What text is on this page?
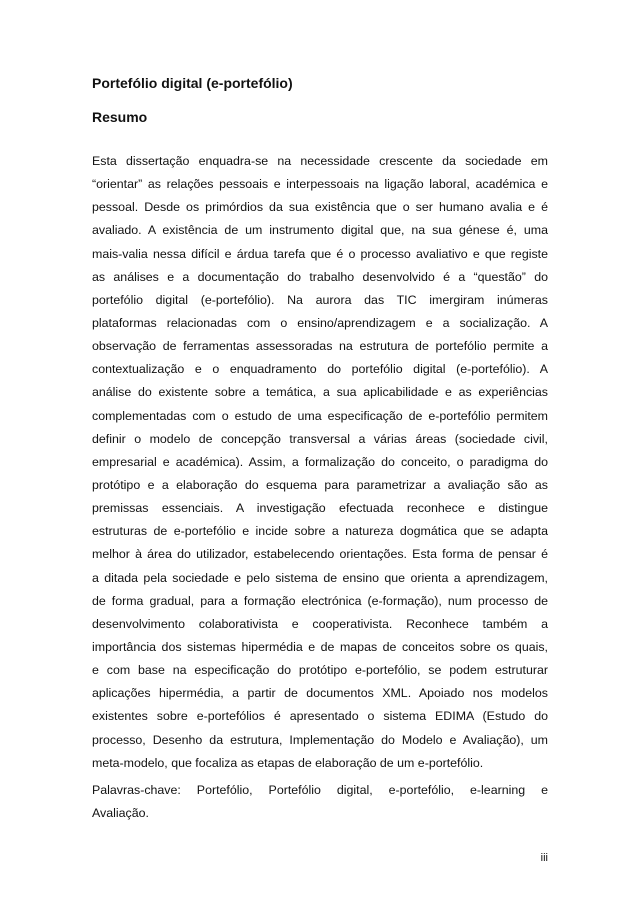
Portefólio digital (e-portefólio)
Resumo
Esta dissertação enquadra-se na necessidade crescente da sociedade em
“orientar” as relações pessoais e interpessoais na ligação laboral, académica e
pessoal. Desde os primórdios da sua existência que o ser humano avalia e é
avaliado. A existência de um instrumento digital que, na sua génese é, uma
mais-valia nessa difícil e árdua tarefa que é o processo avaliativo e que registe
as análises e a documentação do trabalho desenvolvido é a “questão” do
portefólio digital (e-portefólio). Na aurora das TIC imergiram inúmeras
plataformas relacionadas com o ensino/aprendizagem e a socialização. A
observação de ferramentas assessoradas na estrutura de portefólio permite a
contextualização e o enquadramento do portefólio digital (e-portefólio). A
análise do existente sobre a temática, a sua aplicabilidade e as experiências
complementadas com o estudo de uma especificação de e-portefólio permitem
definir o modelo de concepção transversal a várias áreas (sociedade civil,
empresarial e académica). Assim, a formalização do conceito, o paradigma do
protótipo e a elaboração do esquema para parametrizar a avaliação são as
premissas essenciais. A investigação efectuada reconhece e distingue
estruturas de e-portefólio e incide sobre a natureza dogmática que se adapta
melhor à área do utilizador, estabelecendo orientações. Esta forma de pensar é
a ditada pela sociedade e pelo sistema de ensino que orienta a aprendizagem,
de forma gradual, para a formação electrónica (e-formação), num processo de
desenvolvimento colaborativista e cooperativista. Reconhece também a
importância dos sistemas hipermédia e de mapas de conceitos sobre os quais,
e com base na especificação do protótipo e-portefólio, se podem estruturar
aplicações hipermédia, a partir de documentos XML. Apoiado nos modelos
existentes sobre e-portefólios é apresentado o sistema EDIMA (Estudo do
processo, Desenho da estrutura, Implementação do Modelo e Avaliação), um
meta-modelo, que focaliza as etapas de elaboração de um e-portefólio.
Palavras-chave: Portefólio, Portefólio digital, e-portefólio, e-learning e
Avaliação.
iii
